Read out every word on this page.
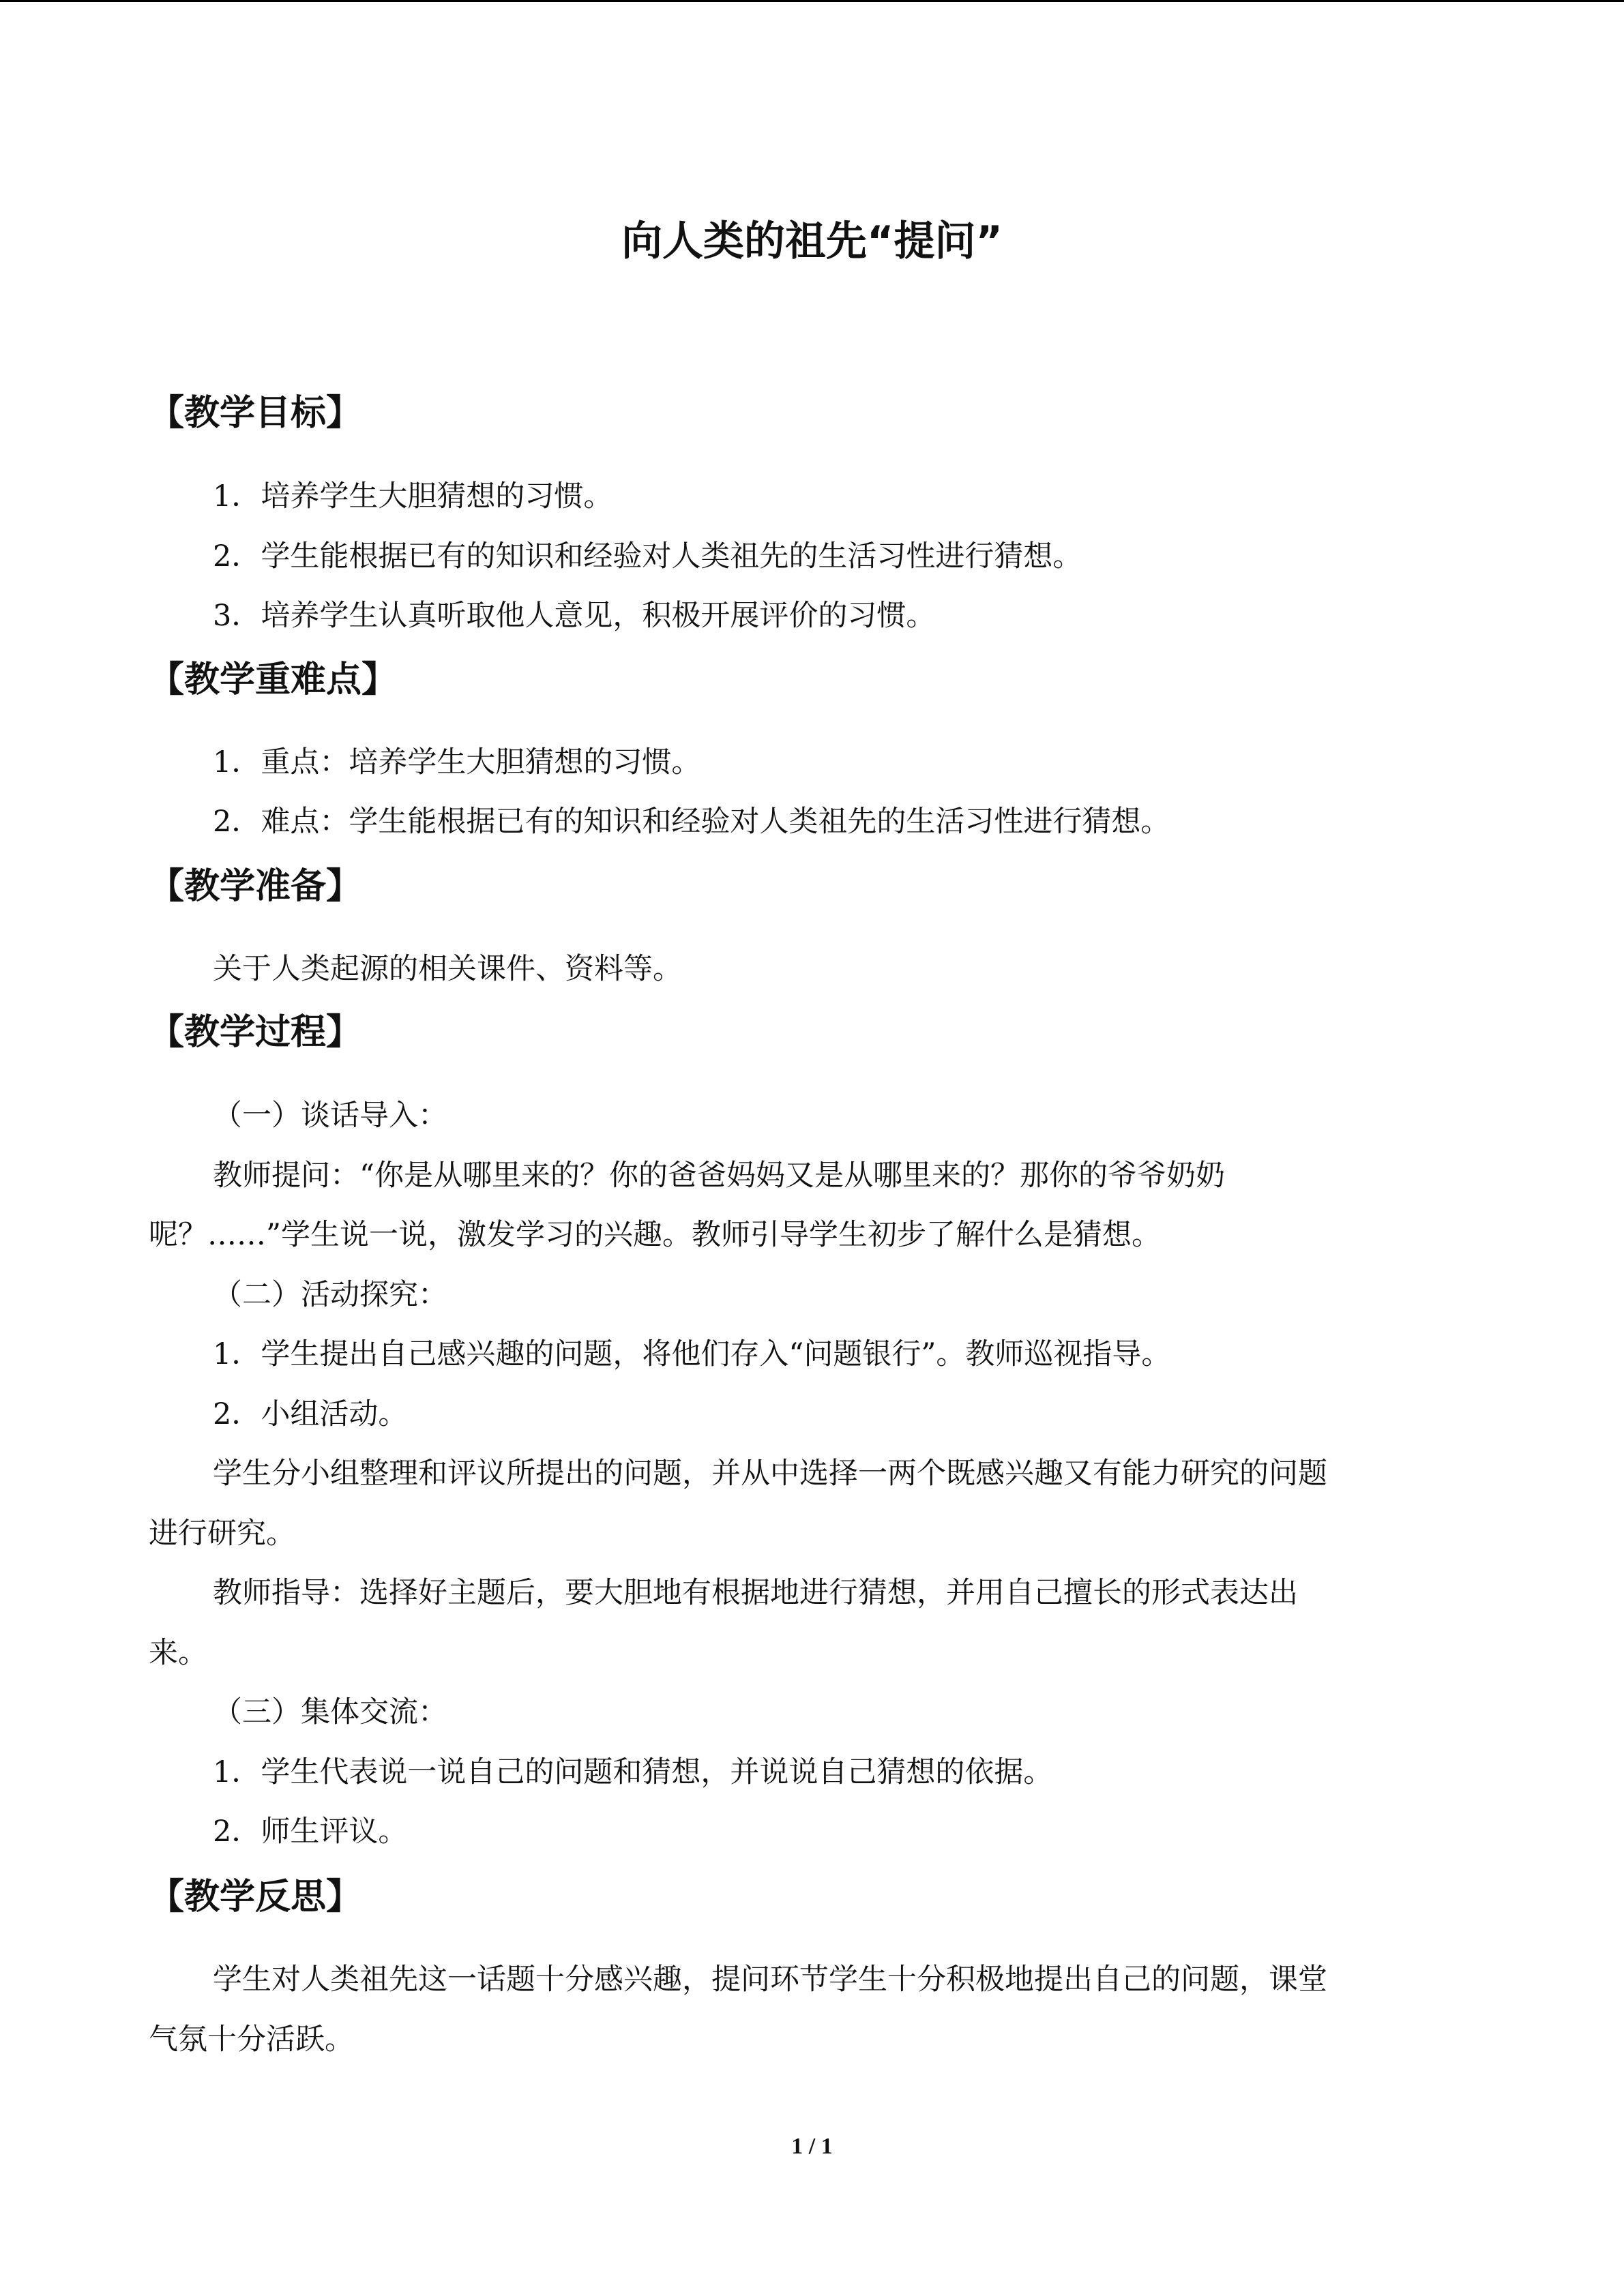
向人类的祖先“提问”
【教学目标】
1．培养学生大胆猜想的习惯。
2．学生能根据已有的知识和经验对人类祖先的生活习性进行猜想。
3．培养学生认真听取他人意见，积极开展评价的习惯。
【教学重难点】
1．重点：培养学生大胆猜想的习惯。
2．难点：学生能根据已有的知识和经验对人类祖先的生活习性进行猜想。
【教学准备】
关于人类起源的相关课件、资料等。
【教学过程】
（一）谈话导入：
教师提问：“你是从哪里来的？你的爸爸妈妈又是从哪里来的？那你的爷爷奶奶
呢？……”学生说一说，激发学习的兴趣。教师引导学生初步了解什么是猜想。
（二）活动探究：
1．学生提出自己感兴趣的问题，将他们存入“问题银行”。教师巡视指导。
2．小组活动。
学生分小组整理和评议所提出的问题，并从中选择一两个既感兴趣又有能力研究的问题
进行研究。
教师指导：选择好主题后，要大胆地有根据地进行猜想，并用自己擅长的形式表达出
来。
（三）集体交流：
1．学生代表说一说自己的问题和猜想，并说说自己猜想的依据。
2．师生评议。
【教学反思】
学生对人类祖先这一话题十分感兴趣，提问环节学生十分积极地提出自己的问题，课堂
气氛十分活跃。
1 / 1
